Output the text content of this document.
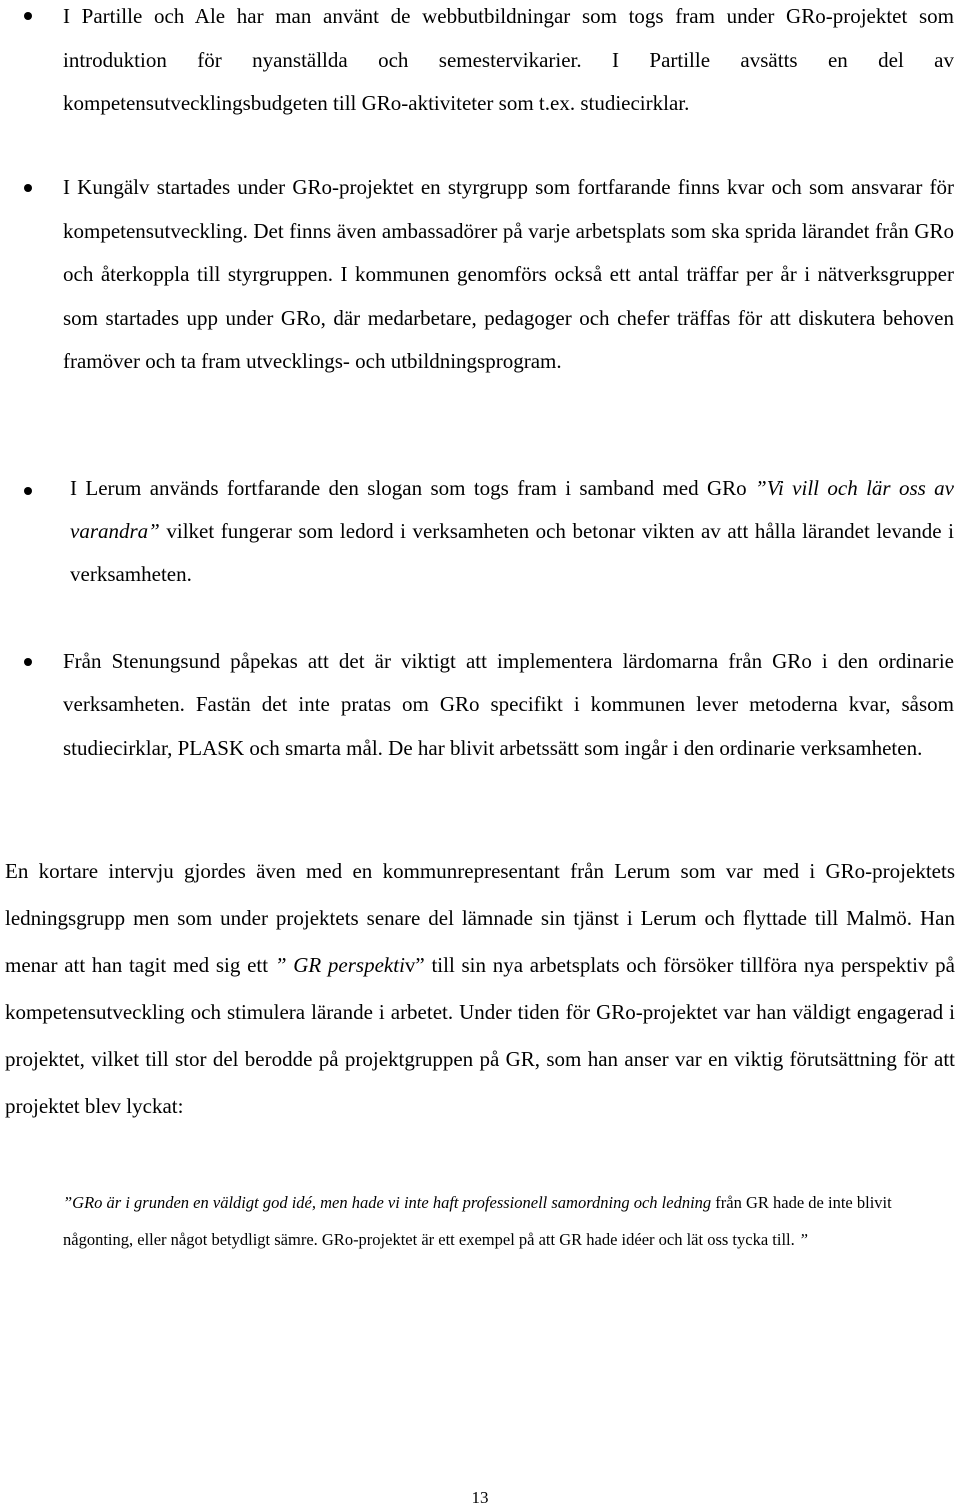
I Partille och Ale har man använt de webbutbildningar som togs fram under GRo-projektet som introduktion för nyanställda och semestervikarier. I Partille avsätts en del av kompetensutvecklingsbudgeten till GRo-aktiviteter som t.ex. studiecirklar.

I Kungälv startades under GRo-projektet en styrgrupp som fortfarande finns kvar och som ansvarar för kompetensutveckling. Det finns även ambassadörer på varje arbetsplats som ska sprida lärandet från GRo och återkoppla till styrgruppen. I kommunen genomförs också ett antal träffar per år i nätverksgrupper som startades upp under GRo, där medarbetare, pedagoger och chefer träffas för att diskutera behoven framöver och ta fram utvecklings- och utbildningsprogram.

I Lerum används fortfarande den slogan som togs fram i samband med GRo ”Vi vill och lär oss av varandra” vilket fungerar som ledord i verksamheten och betonar vikten av att hålla lärandet levande i verksamheten.

Från Stenungsund påpekas att det är viktigt att implementera lärdomarna från GRo i den ordinarie verksamheten. Fastän det inte pratas om GRo specifikt i kommunen lever metoderna kvar, såsom studiecirklar, PLASK och smarta mål. De har blivit arbetssätt som ingår i den ordinarie verksamheten.

En kortare intervju gjordes även med en kommunrepresentant från Lerum som var med i GRo-projektets ledningsgrupp men som under projektets senare del lämnade sin tjänst i Lerum och flyttade till Malmö. Han menar att han tagit med sig ett ” GR perspektiv” till sin nya arbetsplats och försöker tillföra nya perspektiv på kompetensutveckling och stimulera lärande i arbetet. Under tiden för GRo-projektet var han väldigt engagerad i projektet, vilket till stor del berodde på projektgruppen på GR, som han anser var en viktig förutsättning för att projektet blev lyckat:

”GRo är i grunden en väldigt god idé, men hade vi inte haft professionell samordning och ledning från GR hade de inte blivit någonting, eller något betydligt sämre. GRo-projektet är ett exempel på att GR hade idéer och lät oss tycka till. ”

13
